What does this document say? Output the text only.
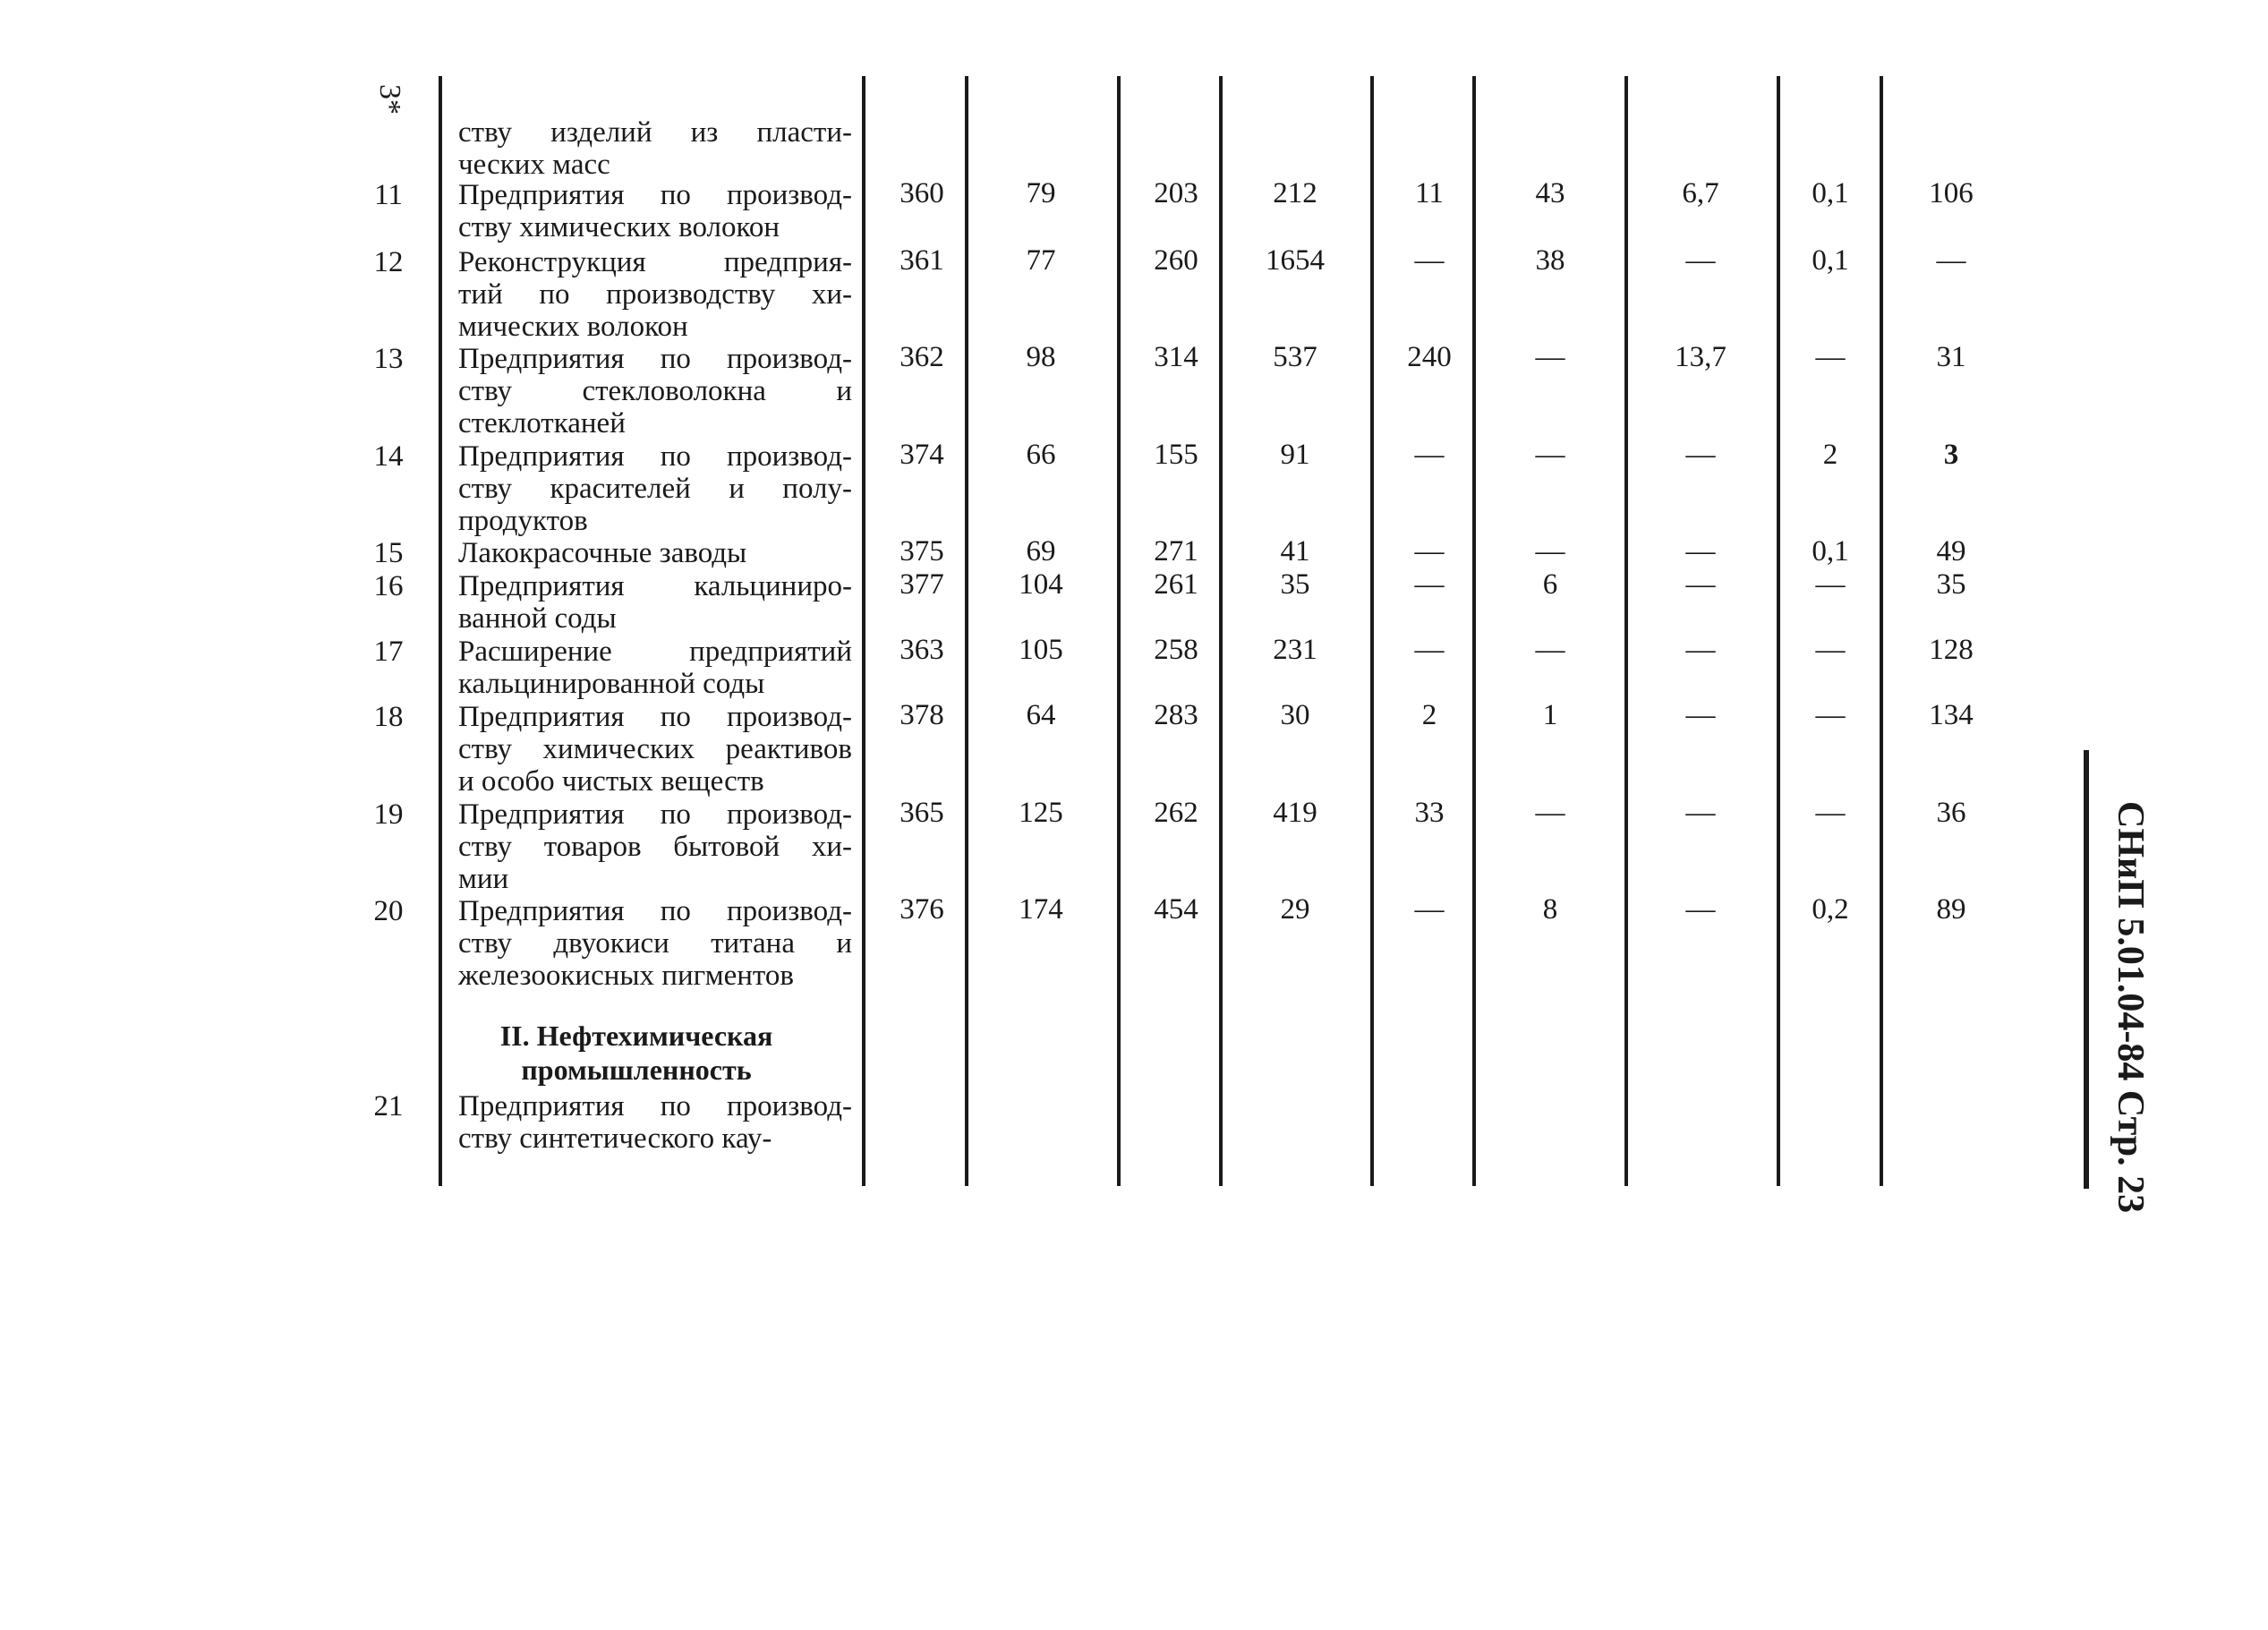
3*
ству изделий из пласти-
ческих масс
11	Предприятия по производ-
ству химических волокон
360	79	203	212	11	43	6,7	0,1	106
12	Реконструкция предприя-
тий по производству хи-
мических волокон
361	77	260	1654	—	38	—	0,1	—
13	Предприятия по производ-
ству стекловолокна и
стеклотканей
362	98	314	537	240	—	13,7	—	31
14	Предприятия по производ-
ству красителей и полу-
продуктов
374	66	155	91	—	—	—	2	3
15	Лакокрасочные заводы	375	69	271	41	—	—	—	0,1	49
16	Предприятия кальциниро-
ванной соды
377	104	261	35	—	6	—	—	35
17	Расширение предприятий
кальцинированной соды
363	105	258	231	—	—	—	—	128
18	Предприятия по производ-
ству химических реактивов
и особо чистых веществ
378	64	283	30	2	1	—	—	134
19	Предприятия по производ-
ству товаров бытовой хи-
мии
365	125	262	419	33	—	—	—	36
20	Предприятия по производ-
ству двуокиси титана и
железоокисных пигментов
376	174	454	29	—	8	—	0,2	89
II. Нефтехимическая
промышленность
21	Предприятия по производ-
ству синтетического кау-	СНиП 5.01.04-84 Стр. 23
